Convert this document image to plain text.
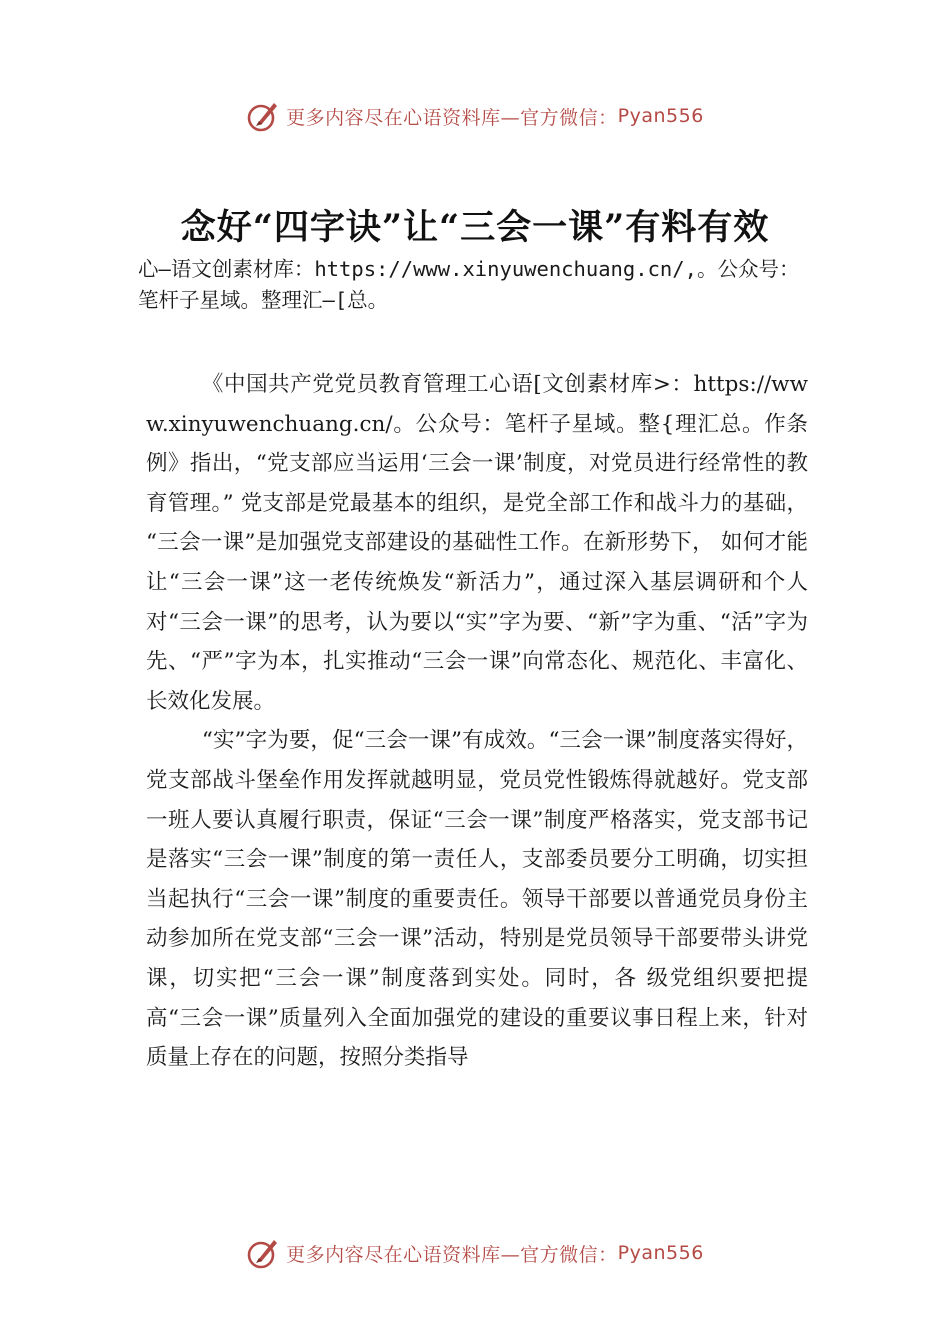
更多内容尽在心语资料库—官方微信： Pyan556
念好“四字诀”让“三会一课”有料有效
心—语文创素材库：https://www.xinyuwenchuang.cn/,。公众号：笔杆子星域。整理汇—[总。

《中国共产党党员教育管理工心语[文创素材库>：https://www.xinyuwenchuang.cn/。公众号：笔杆子星域。整{理汇总。作条例》指出，“党支部应当运用‘三会一课’制度，对党员进行经常性的教育管理。” 党支部是党最基本的组织，是党全部工作和战斗力的基础， “三会一课”是加强党支部建设的基础性工作。在新形势下， 如何才能让“三会一课”这一老传统焕发“新活力”，通过深入基层调研和个人对“三会一课”的思考，认为要以“实”字为要、“新”字为重、“活”字为先、“严”字为本，扎实推动“三会一课”向常态化、规范化、丰富化、长效化发展。

“实”字为要，促“三会一课”有成效。“三会一课”制度落实得好，党支部战斗堡垒作用发挥就越明显，党员党性锻炼得就越好。党支部一班人要认真履行职责，保证“三会一课”制度严格落实，党支部书记是落实“三会一课”制度的第一责任人，支部委员要分工明确，切实担当起执行“三会一课”制度的重要责任。领导干部要以普通党员身份主动参加所在党支部“三会一课”活动，特别是党员领导干部要带头讲党课，切实把“三会一课”制度落到实处。同时，各 级党组织要把提高“三会一课”质量列入全面加强党的建设的重要议事日程上来，针对质量上存在的问题，按照分类指导

更多内容尽在心语资料库—官方微信： Pyan556
